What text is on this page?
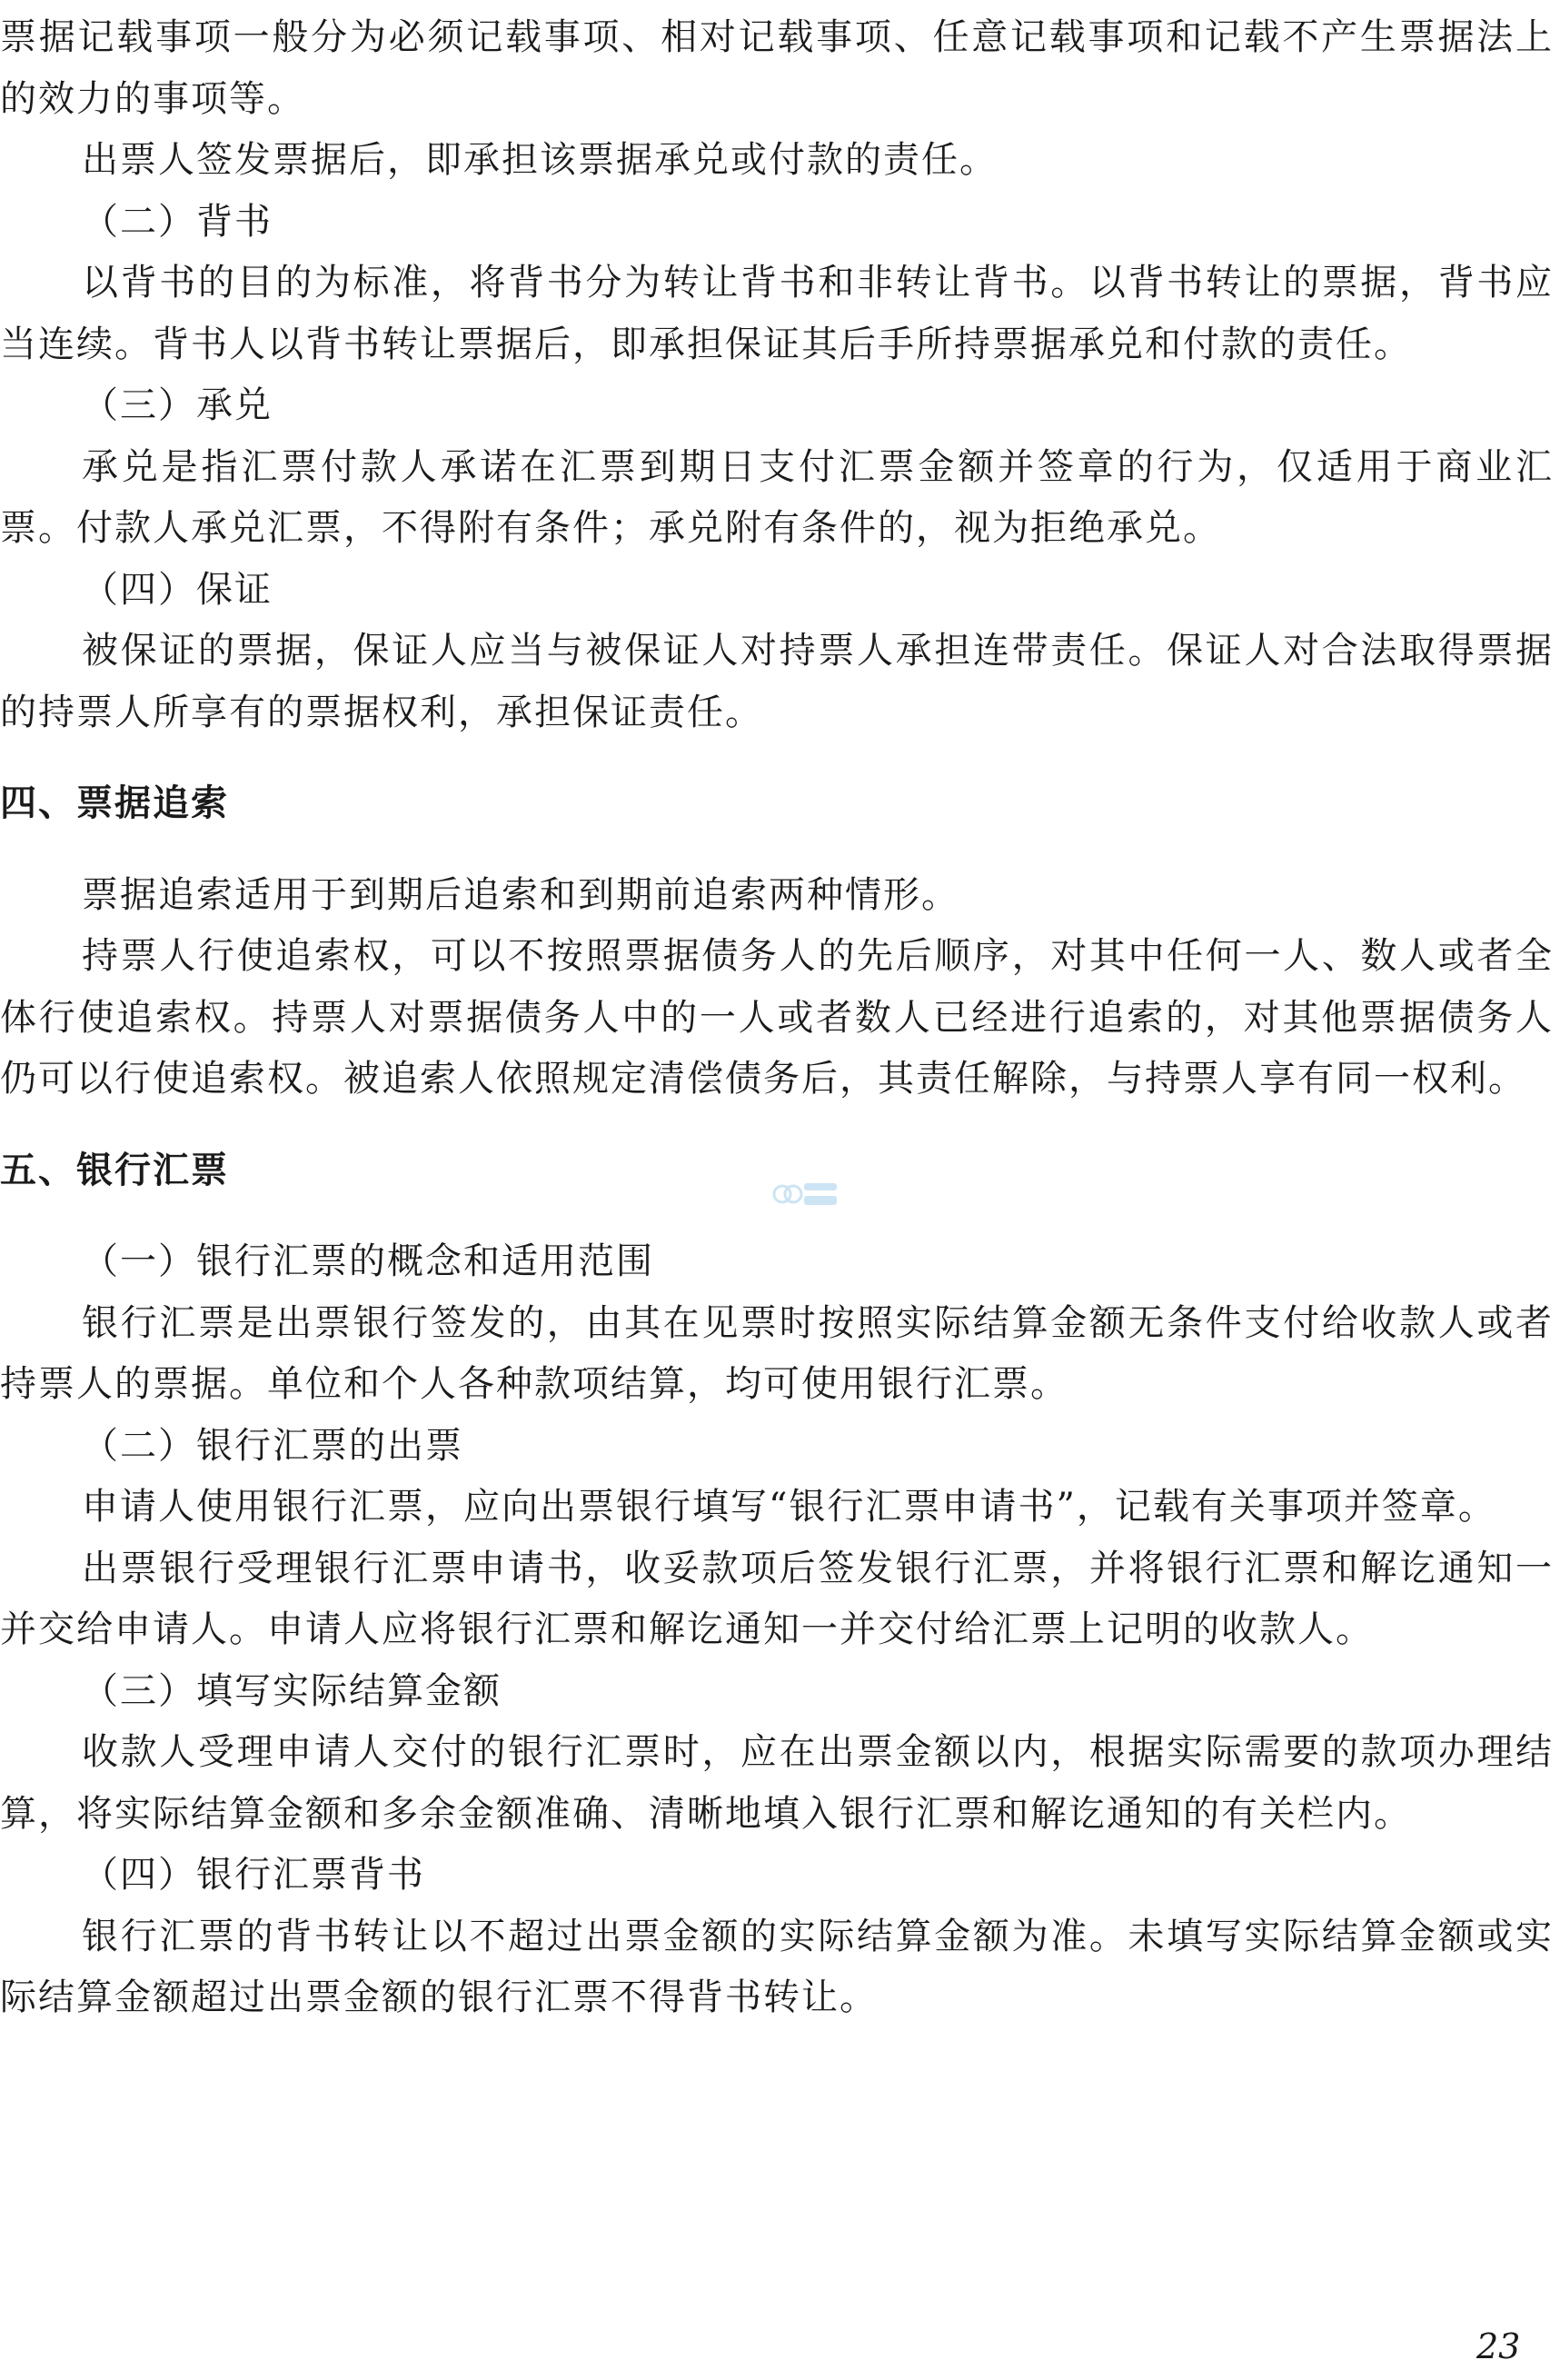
票据记载事项一般分为必须记载事项、相对记载事项、任意记载事项和记载不产生票据法上的效力的事项等。

出票人签发票据后，即承担该票据承兑或付款的责任。

（二）背书

以背书的目的为标准，将背书分为转让背书和非转让背书。以背书转让的票据，背书应当连续。背书人以背书转让票据后，即承担保证其后手所持票据承兑和付款的责任。

（三）承兑

承兑是指汇票付款人承诺在汇票到期日支付汇票金额并签章的行为，仅适用于商业汇票。付款人承兑汇票，不得附有条件；承兑附有条件的，视为拒绝承兑。

（四）保证

被保证的票据，保证人应当与被保证人对持票人承担连带责任。保证人对合法取得票据的持票人所享有的票据权利，承担保证责任。

四、票据追索

票据追索适用于到期后追索和到期前追索两种情形。

持票人行使追索权，可以不按照票据债务人的先后顺序，对其中任何一人、数人或者全体行使追索权。持票人对票据债务人中的一人或者数人已经进行追索的，对其他票据债务人仍可以行使追索权。被追索人依照规定清偿债务后，其责任解除，与持票人享有同一权利。

五、银行汇票

（一）银行汇票的概念和适用范围

银行汇票是出票银行签发的，由其在见票时按照实际结算金额无条件支付给收款人或者持票人的票据。单位和个人各种款项结算，均可使用银行汇票。

（二）银行汇票的出票

申请人使用银行汇票，应向出票银行填写“银行汇票申请书”，记载有关事项并签章。

出票银行受理银行汇票申请书，收妥款项后签发银行汇票，并将银行汇票和解讫通知一并交给申请人。申请人应将银行汇票和解讫通知一并交付给汇票上记明的收款人。

（三）填写实际结算金额

收款人受理申请人交付的银行汇票时，应在出票金额以内，根据实际需要的款项办理结算，将实际结算金额和多余金额准确、清晰地填入银行汇票和解讫通知的有关栏内。

（四）银行汇票背书

银行汇票的背书转让以不超过出票金额的实际结算金额为准。未填写实际结算金额或实际结算金额超过出票金额的银行汇票不得背书转让。

23
